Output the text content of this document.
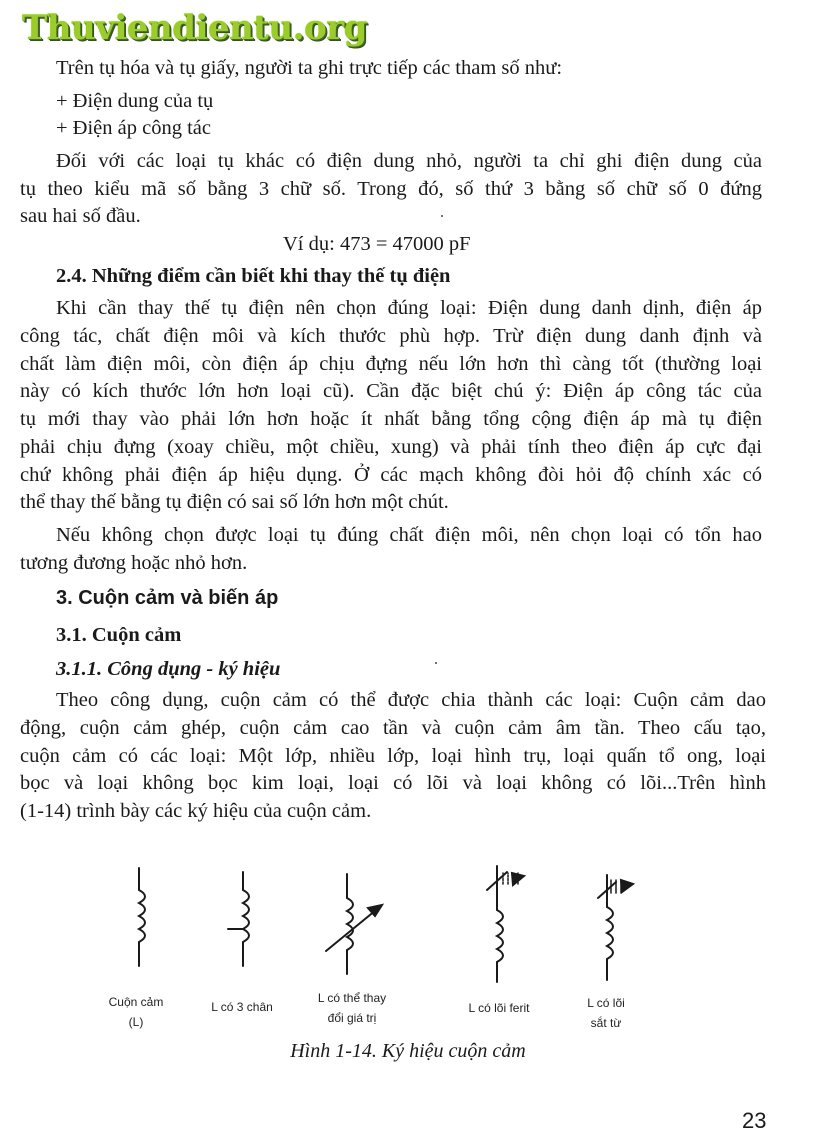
Thuviendientu.org
Trên tụ hóa và tụ giấy, người ta ghi trực tiếp các tham số như:
+ Điện dung của tụ
+ Điện áp công tác
Đối với các loại tụ khác có điện dung nhỏ, người ta chỉ ghi điện dung của
tụ theo kiểu mã số bằng 3 chữ số. Trong đó, số thứ 3 bằng số chữ số 0 đứng
sau hai số đầu.
Ví dụ: 473 = 47000 pF
2.4. Những điểm cần biết khi thay thế tụ điện
Khi cần thay thế tụ điện nên chọn đúng loại: Điện dung danh dịnh, điện áp
công tác, chất điện môi và kích thước phù hợp. Trừ điện dung danh định và
chất làm điện môi, còn điện áp chịu đựng nếu lớn hơn thì càng tốt (thường loại
này có kích thước lớn hơn loại cũ). Cần đặc biệt chú ý: Điện áp công tác của
tụ mới thay vào phải lớn hơn hoặc ít nhất bằng tổng cộng điện áp mà tụ điện
phải chịu đựng (xoay chiều, một chiều, xung) và phải tính theo điện áp cực đại
chứ không phải điện áp hiệu dụng. Ở các mạch không đòi hỏi độ chính xác có
thể thay thế bằng tụ điện có sai số lớn hơn một chút.
Nếu không chọn được loại tụ đúng chất điện môi, nên chọn loại có tổn hao
tương đương hoặc nhỏ hơn.
3. Cuộn cảm và biến áp
3.1. Cuộn cảm
3.1.1. Công dụng - ký hiệu
Theo công dụng, cuộn cảm có thể được chia thành các loại: Cuộn cảm dao
động, cuộn cảm ghép, cuộn cảm cao tần và cuộn cảm âm tần. Theo cấu tạo,
cuộn cảm có các loại: Một lớp, nhiều lớp, loại hình trụ, loại quấn tổ ong, loại
bọc và loại không bọc kim loại, loại có lõi và loại không có lõi...Trên hình
(1-14) trình bày các ký hiệu của cuộn cảm.
Cuộn cảm
(L)
L có 3 chân
L có thể thay
đổi giá trị
L có lõi ferit	L có lõi
sắt từ
Hình 1-14. Ký hiệu cuộn cảm
23
